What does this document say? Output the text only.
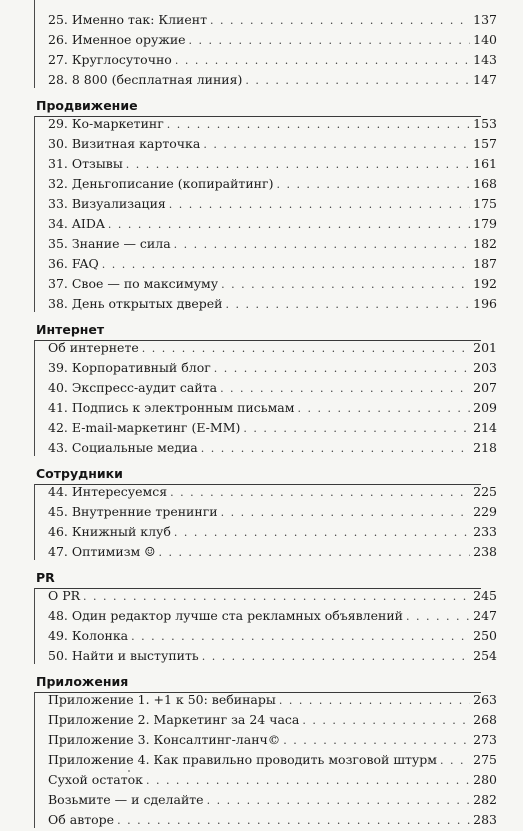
25. Именно так: Клиент . . .	137
26. Именное оружие . . .	140
27. Круглосуточно . . .	143
28. 8 800 (бесплатная линия) . . .	147
Продвижение
29. Ко-маркетинг . . .	153
30. Визитная карточка . . .	157
31. Отзывы . . .	161
32. Деньгописание (копирайтинг) . . .	168
33. Визуализация . . .	175
34. AIDA . . .	179
35. Знание — сила . . .	182
36. FAQ . . .	187
37. Свое — по максимуму . . .	192
38. День открытых дверей . . .	196
Интернет
Об интернете . . .	201
39. Корпоративный блог . . .	203
40. Экспресс-аудит сайта . . .	207
41. Подпись к электронным письмам . . .	209
42. E-mail-маркетинг (E-MM) . . .	214
43. Социальные медиа . . .	218
Сотрудники
44. Интересуемся . . .	225
45. Внутренние тренинги . . .	229
46. Книжный клуб . . .	233
47. Оптимизм ☺ . . .	238
PR
О PR . . .	245
48. Один редактор лучше ста рекламных объявлений . . .	247
49. Колонка . . .	250
50. Найти и выступить . . .	254
Приложения
Приложение 1. +1 к 50: вебинары . . .	263
Приложение 2. Маркетинг за 24 часа . . .	268
Приложение 3. Консалтинг-ланч© . . .	273
Приложение 4. Как правильно проводить мозговой штурм . . .	275
Сухой остаток . . .	280
Возьмите — и сделайте . . .	282
Об авторе . . .	283
